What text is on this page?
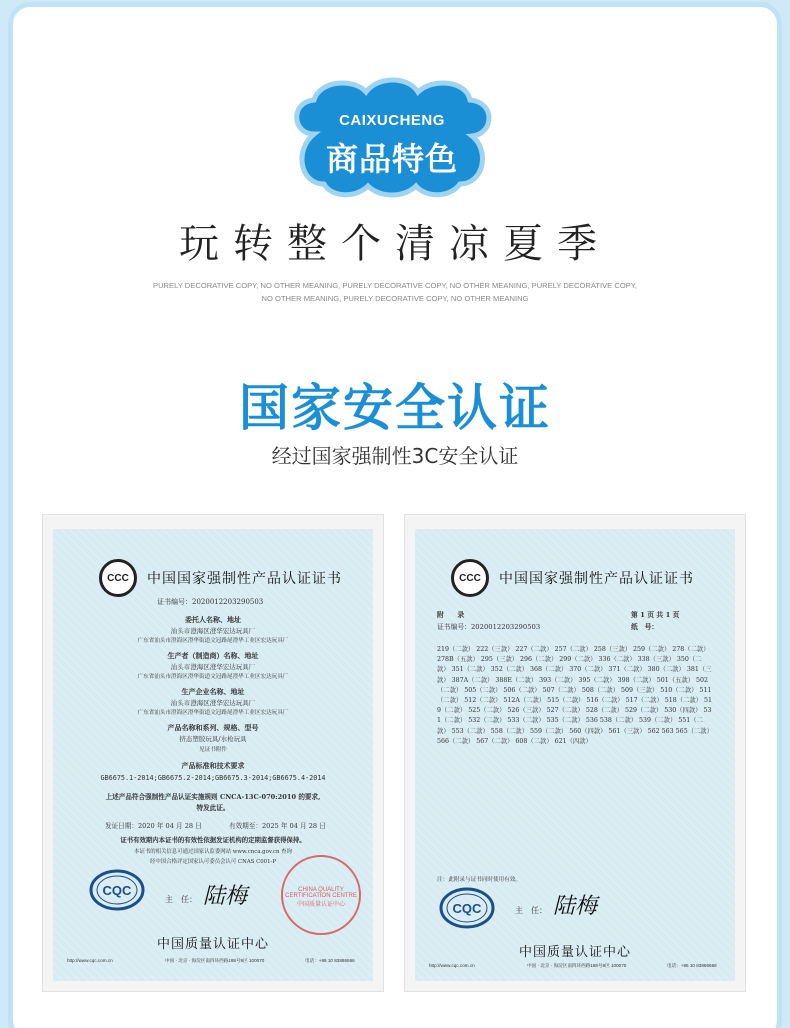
CAIXUCHENG
商品特色
玩转整个清凉夏季
PURELY DECORATIVE COPY, NO OTHER MEANING, PURELY DECORATIVE COPY, NO OTHER MEANING, PURELY DECORATIVE COPY,
NO OTHER MEANING, PURELY DECORATIVE COPY, NO OTHER MEANING
国家安全认证
经过国家强制性3C安全认证
CCC	中国国家强制性产品认证证书
证书编号：2020012203290503
委托人名称、地址
汕头市澄海区澄华宏达玩具厂
广东省汕头市澄海区澄华街道文冠路尾澄华工业区宏达玩具厂
生产者（制造商）名称、地址
汕头市澄海区澄华宏达玩具厂
广东省汕头市澄海区澄华街道文冠路尾澄华工业区宏达玩具厂
生产企业名称、地址
汕头市澄海区澄华宏达玩具厂
广东省汕头市澄海区澄华街道文冠路尾澄华工业区宏达玩具厂
产品名称和系列、规格、型号
挤态塑胶玩具/水枪玩具
见证书附件
产品标准和技术要求
GB6675.1-2014;GB6675.2-2014;GB6675.3-2014;GB6675.4-2014
上述产品符合强制性产品认证实施规则 CNCA-13C-070:2010 的要求,
特发此证。
发证日期：2020 年 04 月 28 日	有效期至：2025 年 04 月 28 日
证书有效期内本证书的有效性依据发证机构的定期监督获得保持。
本证书的相关信息可通过国家认监委网站 www.cnca.gov.cn 查询
经中国合格评定国家认可委员会认可 CNAS C001-P
CQC
主　任： 陆梅	CHINA QUALITY CERTIFICATION CENTRE 中国质量认证中心
中国质量认证中心
http://www.cqc.com.cn	中国 · 北京 · 海淀区南四环西路188号9区 100070	电话：+86 10 83886666
CCC	中国国家强制性产品认证证书
附　　录	第 1 页 共 1 页
证书编号：2020012203290503	纸　号：
219（二款） 222（三款） 227（二款） 257（二款） 258（三款） 259（二款） 278（二款） 278B（五款） 295（三款） 296（二款） 299（二款） 336（二款） 338（三款） 350（二款） 351（二款） 352（二款） 368（二款） 370（二款） 371（二款） 380（二款） 381（三款） 387A（二款） 388E（二款） 393（二款） 395（二款） 398（二款） 501（五款） 502（二款） 505（二款） 506（二款） 507（二款） 508（二款） 509（三款） 510（二款） 511（二款） 512（二款） 512A（二款） 515（二款） 516（二款） 517（二款） 518（二款） 519（二款） 525（二款） 526（三款） 527（二款） 528（二款） 529（二款） 530（四款） 531（二款） 532（二款） 533（二款） 535（二款） 536 538（二款） 539（二款） 551（二款） 553（二款） 558（二款） 559（二款） 560（四款） 561（三款） 562 563 565（二款） 566（二款） 567（二款） 608（二款） 621（四款）
注：此附录与证书同时使用有效。
CQC	主　任： 陆梅
中国质量认证中心
http://www.cqc.com.cn	中国 · 北京 · 海淀区南四环西路188号9区 100070	电话：+86 10 83886666
